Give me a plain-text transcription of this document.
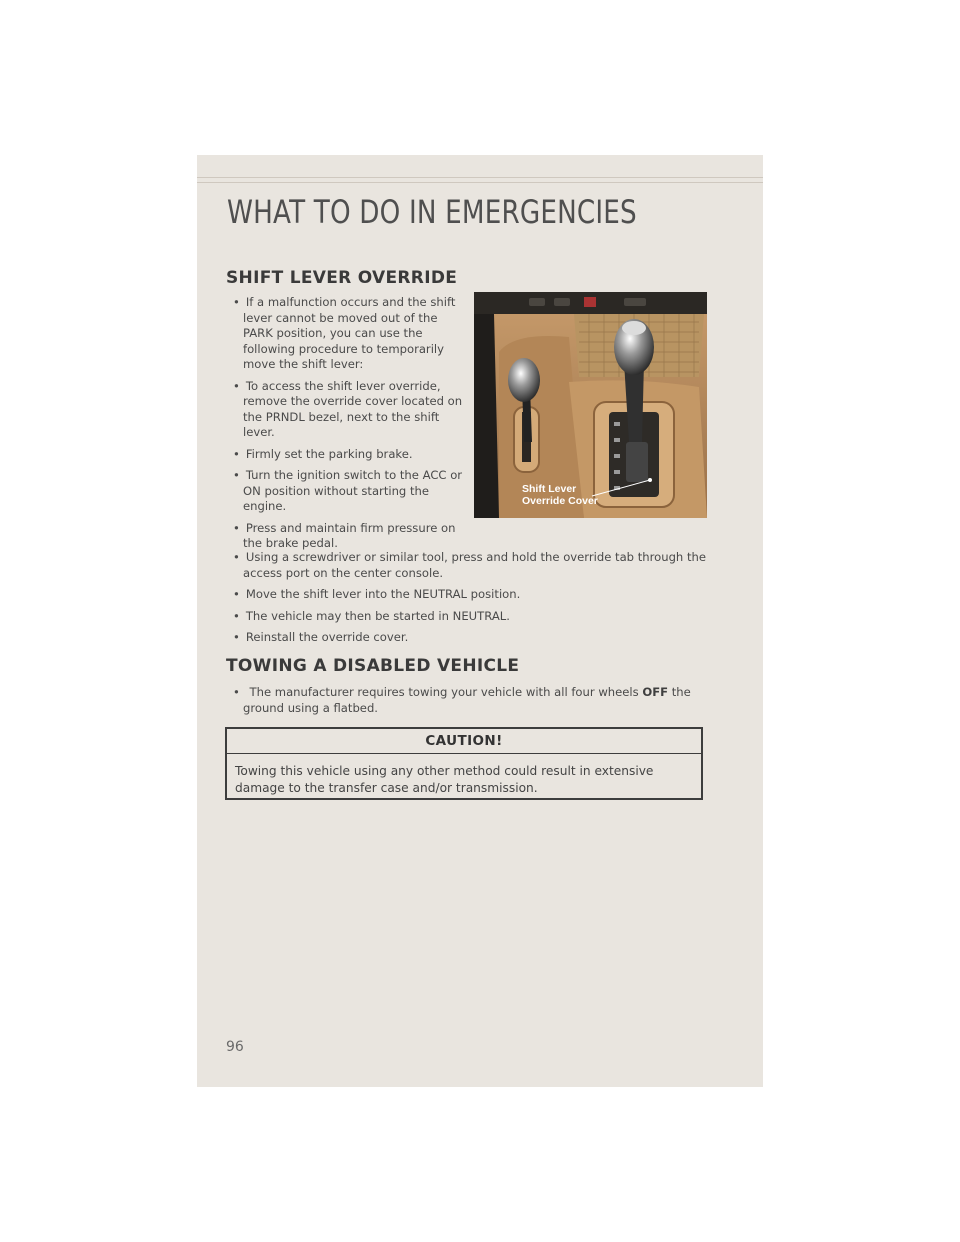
WHAT TO DO IN EMERGENCIES
SHIFT LEVER OVERRIDE
• If a malfunction occurs and the shift lever cannot be moved out of the PARK position, you can use the following procedure to temporarily move the shift lever:
• To access the shift lever override, remove the override cover located on the PRNDL bezel, next to the shift lever.
• Firmly set the parking brake.
• Turn the ignition switch to the ACC or ON position without starting the engine.
• Press and maintain firm pressure on the brake pedal.
• Using a screwdriver or similar tool, press and hold the override tab through the access port on the center console.
• Move the shift lever into the NEUTRAL position.
• The vehicle may then be started in NEUTRAL.
• Reinstall the override cover.
Shift Lever
Override Cover
TOWING A DISABLED VEHICLE
• The manufacturer requires towing your vehicle with all four wheels OFF the ground using a flatbed.
CAUTION!
Towing this vehicle using any other method could result in extensive damage to the transfer case and/or transmission.
96
